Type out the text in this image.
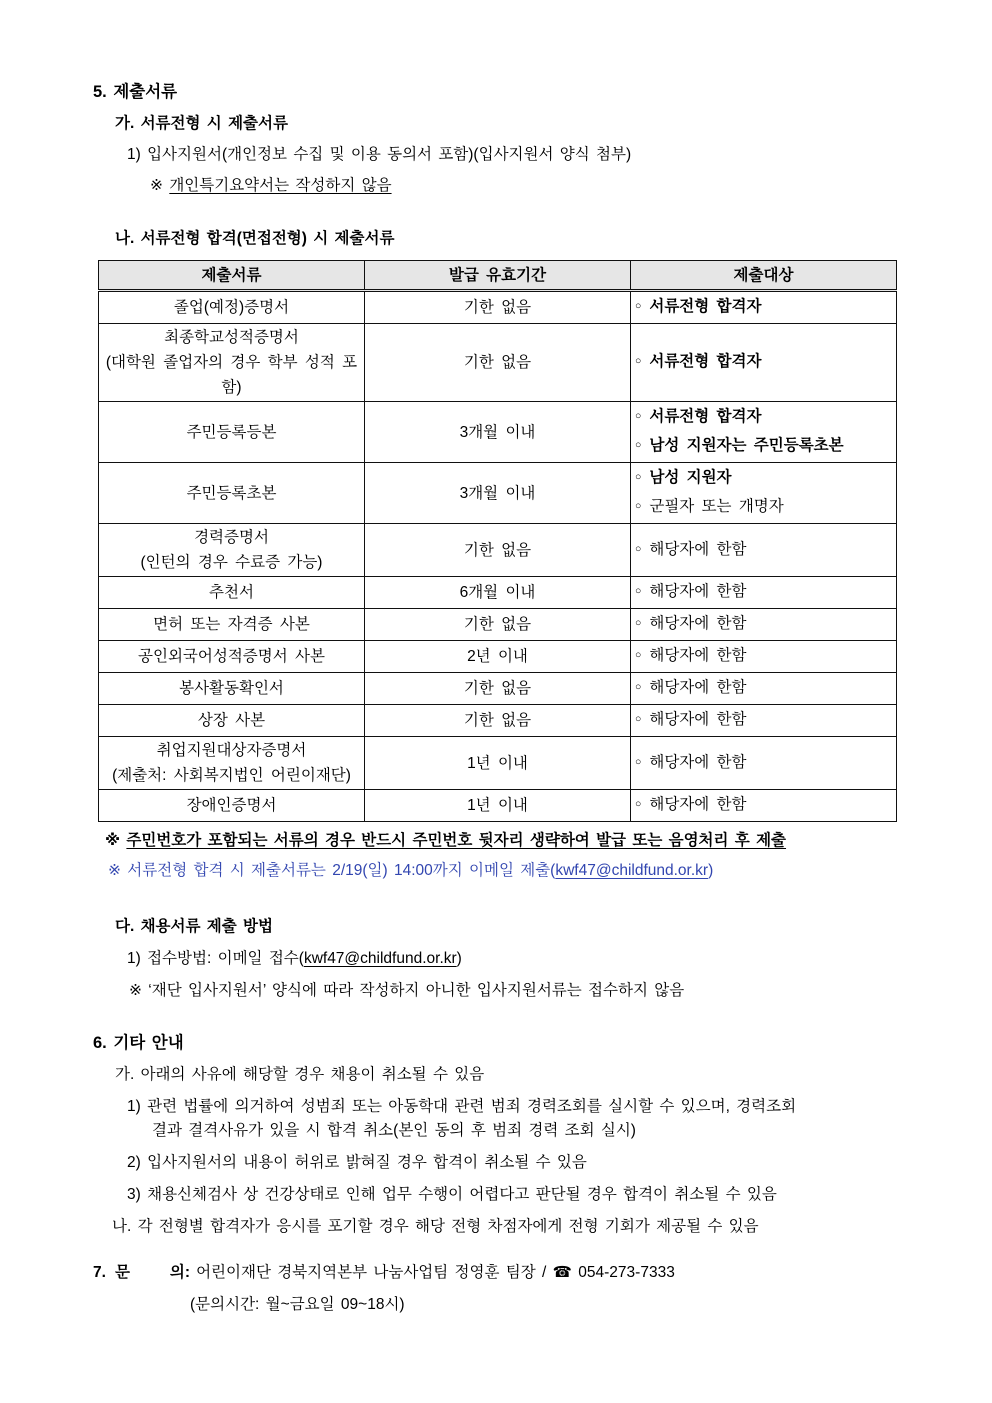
5. 제출서류
가. 서류전형 시 제출서류
1) 입사지원서(개인정보 수집 및 이용 동의서 포함)(입사지원서 양식 첨부)
※ 개인특기요약서는 작성하지 않음
나. 서류전형 합격(면접전형) 시 제출서류
제출서류	발급 유효기간	제출대상

졸업(예정)증명서	기한 없음	○ 서류전형 합격자

최종학교성적증명서
(대학원 졸업자의 경우 학부 성적 포함)	기한 없음	○ 서류전형 합격자

주민등록등본	3개월 이내	○ 서류전형 합격자
○ 남성 지원자는 주민등록초본

주민등록초본	3개월 이내	○ 남성 지원자
○ 군필자 또는 개명자

경력증명서
(인턴의 경우 수료증 가능)	기한 없음	○ 해당자에 한함

추천서	6개월 이내	○ 해당자에 한함

면허 또는 자격증 사본	기한 없음	○ 해당자에 한함

공인외국어성적증명서 사본	2년 이내	○ 해당자에 한함

봉사활동확인서	기한 없음	○ 해당자에 한함

상장 사본	기한 없음	○ 해당자에 한함

취업지원대상자증명서
(제출처: 사회복지법인 어린이재단)	1년 이내	○ 해당자에 한함

장애인증명서	1년 이내	○ 해당자에 한함
※ 주민번호가 포함되는 서류의 경우 반드시 주민번호 뒷자리 생략하여 발급 또는 음영처리 후 제출
※ 서류전형 합격 시 제출서류는 2/19(일) 14:00까지 이메일 제출(kwf47@childfund.or.kr)
다. 채용서류 제출 방법
1) 접수방법: 이메일 접수(kwf47@childfund.or.kr)
※ ‘재단 입사지원서’ 양식에 따라 작성하지 아니한 입사지원서류는 접수하지 않음
6. 기타 안내
가. 아래의 사유에 해당할 경우 채용이 취소될 수 있음
1) 관련 법률에 의거하여 성범죄 또는 아동학대 관련 범죄 경력조회를 실시할 수 있으며, 경력조회
결과 결격사유가 있을 시 합격 취소(본인 동의 후 범죄 경력 조회 실시)
2) 입사지원서의 내용이 허위로 밝혀질 경우 합격이 취소될 수 있음
3) 채용신체검사 상 건강상태로 인해 업무 수행이 어렵다고 판단될 경우 합격이 취소될 수 있음
나. 각 전형별 합격자가 응시를 포기할 경우 해당 전형 차점자에게 전형 기회가 제공될 수 있음
7. 문	의: 어린이재단 경북지역본부 나눔사업팀 정영훈 팀장 / ☎ 054-273-7333
(문의시간: 월~금요일 09~18시)
